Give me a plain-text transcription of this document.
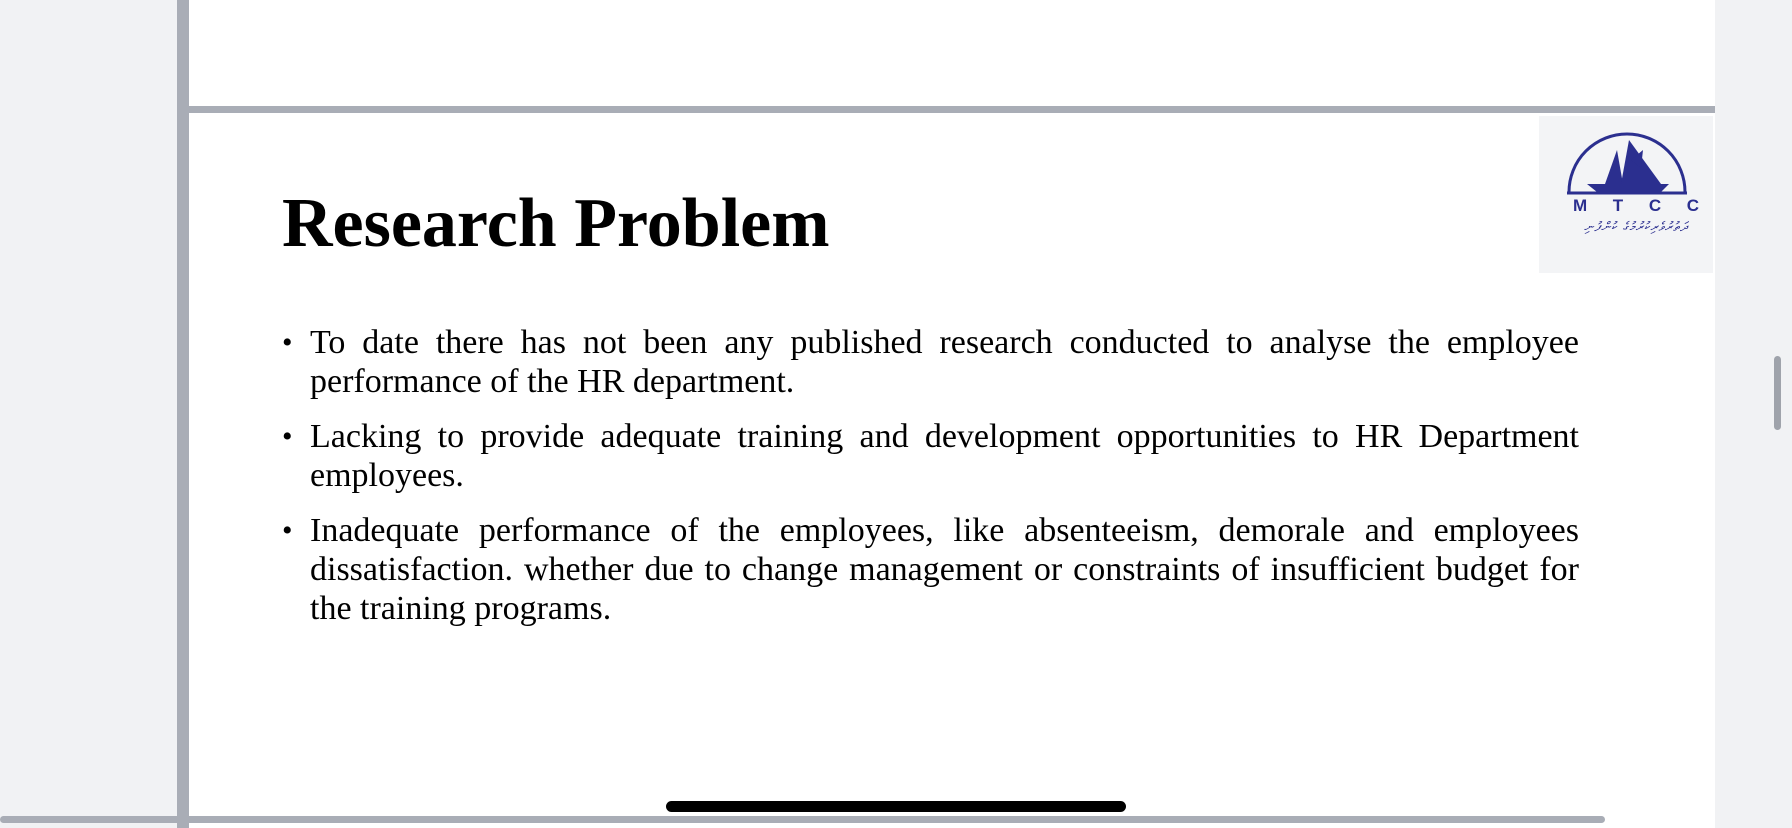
Research Problem
• To date there has not been any published research conducted to analyse the employee performance of the HR department.
• Lacking to provide adequate training and development opportunities to HR Department employees.
• Inadequate performance of the employees, like absenteeism, demorale and employees dissatisfaction. whether due to change management or constraints of insufficient budget for the training programs.
M T C C
ދަތުރުވެރިކުރުމުގެ ކުންފުނި
